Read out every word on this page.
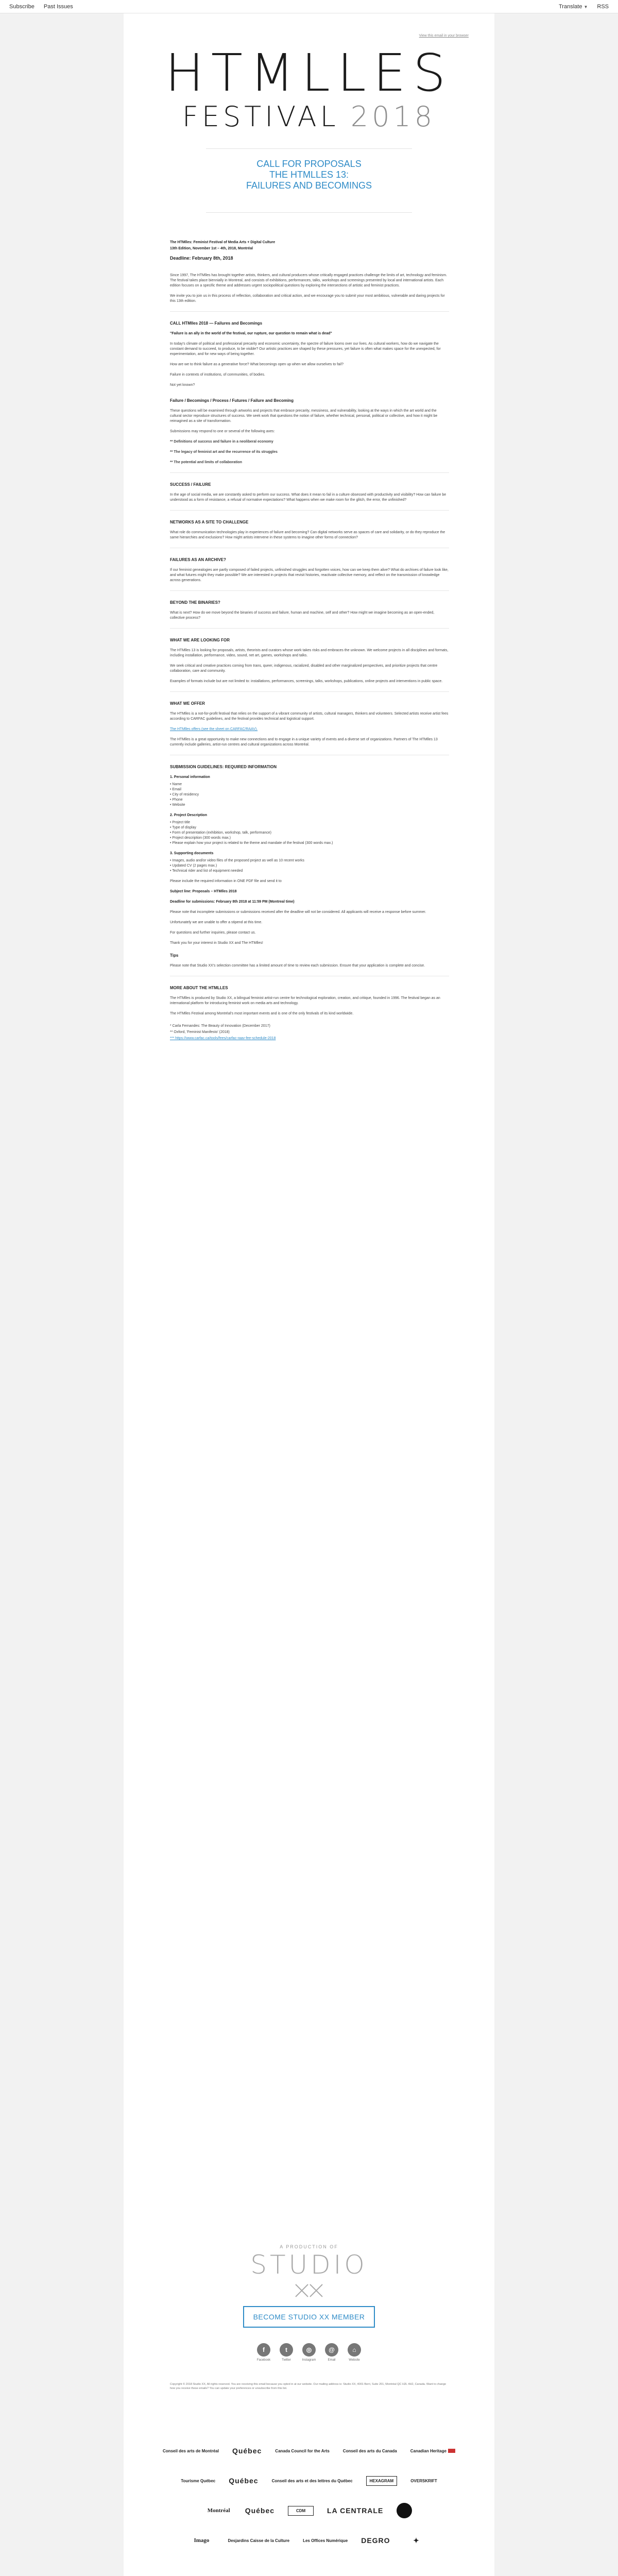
Subscribe Past Issues	Translate ▼ RSS
View this email in your browser
HTMLLES
FESTIVAL 2018
CALL FOR PROPOSALS
THE HTMLLES 13:
FAILURES AND BECOMINGS

The HTMlles: Feminist Festival of Media Arts + Digital Culture

13th Edition, November 1st – 4th, 2018, Montréal

Deadline: February 8th, 2018

Since 1997, The HTMlles has brought together artists, thinkers, and cultural producers whose critically engaged practices challenge the limits of art, technology and feminism. The festival takes place biennially in Montreal, and consists of exhibitions, performances, talks, workshops and screenings presented by local and international artists. Each edition focuses on a specific theme and addresses urgent sociopolitical questions by exploring the intersections of artistic and feminist practices.

We invite you to join us in this process of reflection, collaboration and critical action, and we encourage you to submit your most ambitious, vulnerable and daring projects for this 13th edition.

CALL HTMlles 2018 — Failures and Becomings

"Failure is an ally in the world of the festival, our rupture, our question to remain what is dead"

In today's climate of political and professional precarity and economic uncertainty, the spectre of failure looms over our lives. As cultural workers, how do we navigate the constant demand to succeed, to produce, to be visible? Our artistic practices are shaped by these pressures, yet failure is often what makes space for the unexpected, for experimentation, and for new ways of being together.

How are we to think failure as a generative force? What becomings open up when we allow ourselves to fail?

Failure in contexts of institutions, of communities, of bodies.

Not yet known?

Failure / Becomings / Process / Futures / Failure and Becoming

These questions will be examined through artworks and projects that embrace precarity, messiness, and vulnerability, looking at the ways in which the art world and the cultural sector reproduce structures of success. We seek work that questions the notion of failure, whether technical, personal, political or collective, and how it might be reimagined as a site of transformation.

Submissions may respond to one or several of the following axes:

** Definitions of success and failure in a neoliberal economy

** The legacy of feminist art and the recurrence of its struggles

** The potential and limits of collaboration

SUCCESS / FAILURE

In the age of social media, we are constantly asked to perform our success. What does it mean to fail in a culture obsessed with productivity and visibility? How can failure be understood as a form of resistance, a refusal of normative expectations? What happens when we make room for the glitch, the error, the unfinished?

NETWORKS AS A SITE TO CHALLENGE

What role do communication technologies play in experiences of failure and becoming? Can digital networks serve as spaces of care and solidarity, or do they reproduce the same hierarchies and exclusions? How might artists intervene in these systems to imagine other forms of connection?

FAILURES AS AN ARCHIVE?

If our feminist genealogies are partly composed of failed projects, unfinished struggles and forgotten voices, how can we keep them alive? What do archives of failure look like, and what futures might they make possible? We are interested in projects that revisit histories, reactivate collective memory, and reflect on the transmission of knowledge across generations.

BEYOND THE BINARIES?

What is next? How do we move beyond the binaries of success and failure, human and machine, self and other? How might we imagine becoming as an open-ended, collective process?

WHAT WE ARE LOOKING FOR

The HTMlles 13 is looking for proposals, artists, theorists and curators whose work takes risks and embraces the unknown. We welcome projects in all disciplines and formats, including installation, performance, video, sound, net art, games, workshops and talks.

We seek critical and creative practices coming from trans, queer, indigenous, racialized, disabled and other marginalized perspectives, and prioritize projects that centre collaboration, care and community.

Examples of formats include but are not limited to: installations, performances, screenings, talks, workshops, publications, online projects and interventions in public space.

WHAT WE OFFER

The HTMlles is a not-for-profit festival that relies on the support of a vibrant community of artists, cultural managers, thinkers and volunteers. Selected artists receive artist fees according to CARFAC guidelines, and the festival provides technical and logistical support.

The HTMlles offers (see the sheet on CARFAC/RAAV).

The HTMlles is a great opportunity to make new connections and to engage in a unique variety of events and a diverse set of organizations. Partners of The HTMlles 13 currently include galleries, artist-run centres and cultural organizations across Montréal.

SUBMISSION GUIDELINES: REQUIRED INFORMATION

1. Personal information

• Name
• Email
• City of residency
• Phone
• Website

2. Project Description

• Project title
• Type of display
• Form of presentation (exhibition, workshop, talk, performance)
• Project description (300 words max.)
• Please explain how your project is related to the theme and mandate of the festival (300 words max.)

3. Supporting documents

• Images, audio and/or video files of the proposed project as well as 10 recent works
• Updated CV (2 pages max.)
• Technical rider and list of equipment needed

Please include the required information in ONE PDF file and send it to

Subject line: Proposals – HTMlles 2018

Deadline for submissions: February 8th 2018 at 11:59 PM (Montreal time)

Please note that incomplete submissions or submissions received after the deadline will not be considered. All applicants will receive a response before summer.

Unfortunately we are unable to offer a stipend at this time.

For questions and further inquiries, please contact us.

Thank you for your interest in Studio XX and The HTMlles!

Tips

Please note that Studio XX's selection committee has a limited amount of time to review each submission. Ensure that your application is complete and concise.

MORE ABOUT THE HTMLLES

The HTMlles is produced by Studio XX, a bilingual feminist artist-run centre for technological exploration, creation, and critique, founded in 1996. The festival began as an international platform for introducing feminist work on media arts and technology.

The HTMlles Festival among Montréal's most important events and is one of the only festivals of its kind worldwide.

* Carla Fernandes: The Beauty of Innovation (December 2017)

** Oxford, 'Feminist Manifesto' (2018)

*** https://www.carfac.ca/tools/fees/carfac-raav-fee-schedule-2018

A PRODUCTION OF
STUDIO
BECOME STUDIO XX MEMBER
f
Facebook
t
Twitter
◎
Instagram
@
Email
⌂
Website
Copyright © 2018 Studio XX, All rights reserved. You are receiving this email because you opted in at our website. Our mailing address is: Studio XX, 4001 Berri, Suite 201, Montréal QC H2L 4H2, Canada. Want to change how you receive these emails? You can update your preferences or unsubscribe from this list.
Conseil des arts de Montréal Québec	Canada Council for the Arts	Conseil des arts du Canada	Canadian Heritage
Tourisme Québec Québec	Conseil des arts et des lettres du Québec	HEXAGRAM	OVERSKRIFT
Montréal Québec	CDM	LA CENTRALE
Imago	Desjardins Caisse de la Culture	Les Offices Numérique DEGRO	✦
